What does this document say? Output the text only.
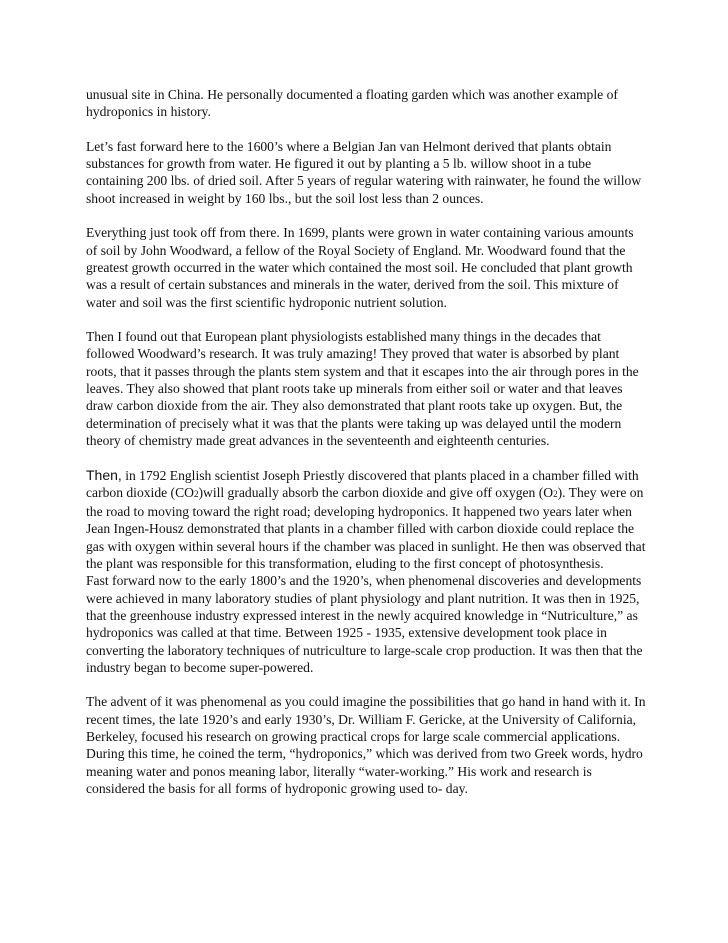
unusual site in China. He personally documented a floating garden which was another example of hydroponics in history.

Let’s fast forward here to the 1600’s where a Belgian Jan van Helmont derived that plants obtain substances for growth from water. He figured it out by planting a 5 lb. willow shoot in a tube containing 200 lbs. of dried soil. After 5 years of regular watering with rainwater, he found the willow shoot increased in weight by 160 lbs., but the soil lost less than 2 ounces.

Everything just took off from there. In 1699, plants were grown in water containing various amounts of soil by John Woodward, a fellow of the Royal Society of England. Mr. Woodward found that the greatest growth occurred in the water which contained the most soil. He concluded that plant growth was a result of certain substances and minerals in the water, derived from the soil. This mixture of water and soil was the first scientific hydroponic nutrient solution.

Then I found out that European plant physiologists established many things in the decades that followed Woodward’s research. It was truly amazing! They proved that water is absorbed by plant roots, that it passes through the plants stem system and that it escapes into the air through pores in the leaves. They also showed that plant roots take up minerals from either soil or water and that leaves draw carbon dioxide from the air. They also demonstrated that plant roots take up oxygen. But, the determination of precisely what it was that the plants were taking up was delayed until the modern theory of chemistry made great advances in the seventeenth and eighteenth centuries.

Then, in 1792 English scientist Joseph Priestly discovered that plants placed in a chamber filled with carbon dioxide (CO2)will gradually absorb the carbon dioxide and give off oxygen (O2). They were on the road to moving toward the right road; developing hydroponics. It happened two years later when Jean Ingen-Housz demonstrated that plants in a chamber filled with carbon dioxide could replace the gas with oxygen within several hours if the chamber was placed in sunlight. He then was observed that the plant was responsible for this transformation, eluding to the first concept of photosynthesis.

Fast forward now to the early 1800’s and the 1920’s, when phenomenal discoveries and developments were achieved in many laboratory studies of plant physiology and plant nutrition. It was then in 1925, that the greenhouse industry expressed interest in the newly acquired knowledge in “Nutriculture,” as hydroponics was called at that time. Between 1925 - 1935, extensive development took place in converting the laboratory techniques of nutriculture to large-scale crop production. It was then that the industry began to become super-powered.

The advent of it was phenomenal as you could imagine the possibilities that go hand in hand with it. In recent times, the late 1920’s and early 1930’s, Dr. William F. Gericke, at the University of California, Berkeley, focused his research on growing practical crops for large scale commercial applications. During this time, he coined the term, “hydroponics,” which was derived from two Greek words, hydro meaning water and ponos meaning labor, literally “water-working.” His work and research is considered the basis for all forms of hydroponic growing used to- day.
